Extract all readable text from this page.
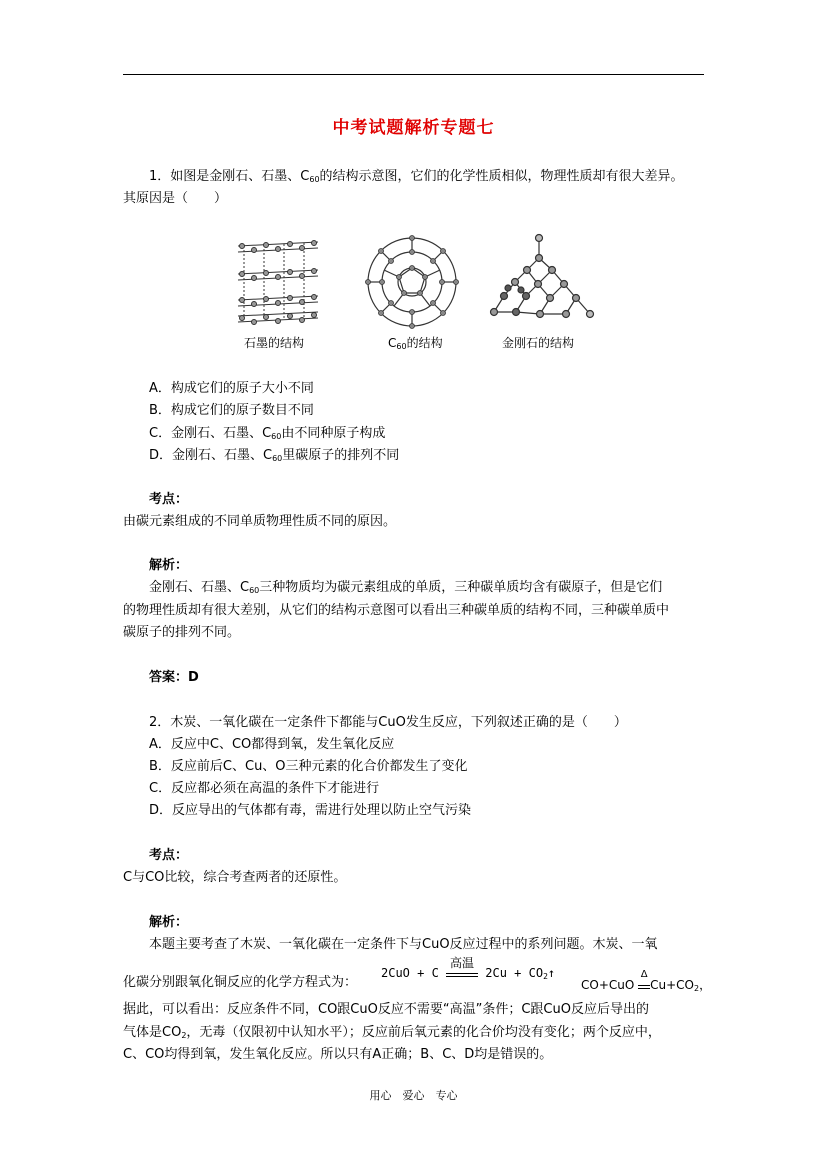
中考试题解析专题七
1．如图是金刚石、石墨、$C_{60}$的结构示意图，它们的化学性质相似，物理性质却有很大差异。
其原因是（　　）
石墨的结构	$C_{60}$的结构	金刚石的结构
A．构成它们的原子大小不同
B．构成它们的原子数目不同
C．金刚石、石墨、$C_{60}$由不同种原子构成
D．金刚石、石墨、$C_{60}$里碳原子的排列不同
考点：
由碳元素组成的不同单质物理性质不同的原因。
解析：
金刚石、石墨、$C_{60}$三种物质均为碳元素组成的单质，三种碳单质均含有碳原子，但是它们
的物理性质却有很大差别，从它们的结构示意图可以看出三种碳单质的结构不同，三种碳单质中
碳原子的排列不同。
答案：D
2．木炭、一氧化碳在一定条件下都能与CuO发生反应，下列叙述正确的是（　　）
A．反应中C、CO都得到氧，发生氧化反应
B．反应前后C、Cu、O三种元素的化合价都发生了变化
C．反应都必须在高温的条件下才能进行
D．反应导出的气体都有毒，需进行处理以防止空气污染
考点：
C与CO比较，综合考查两者的还原性。
解析：
本题主要考查了木炭、一氧化碳在一定条件下与CuO反应过程中的系列问题。木炭、一氧
化碳分别跟氧化铜反应的化学方程式为：
2CuO + C
高温
$2Cu + CO_2↑$
CO+CuO
Δ
$Cu+CO_2$，
据此，可以看出：反应条件不同，CO跟CuO反应不需要“高温”条件；C跟CuO反应后导出的
气体是$CO_2$，无毒（仅限初中认知水平）；反应前后氧元素的化合价均没有变化；两个反应中，
C、CO均得到氧，发生氧化反应。所以只有A正确；B、C、D均是错误的。
用心　爱心　专心
